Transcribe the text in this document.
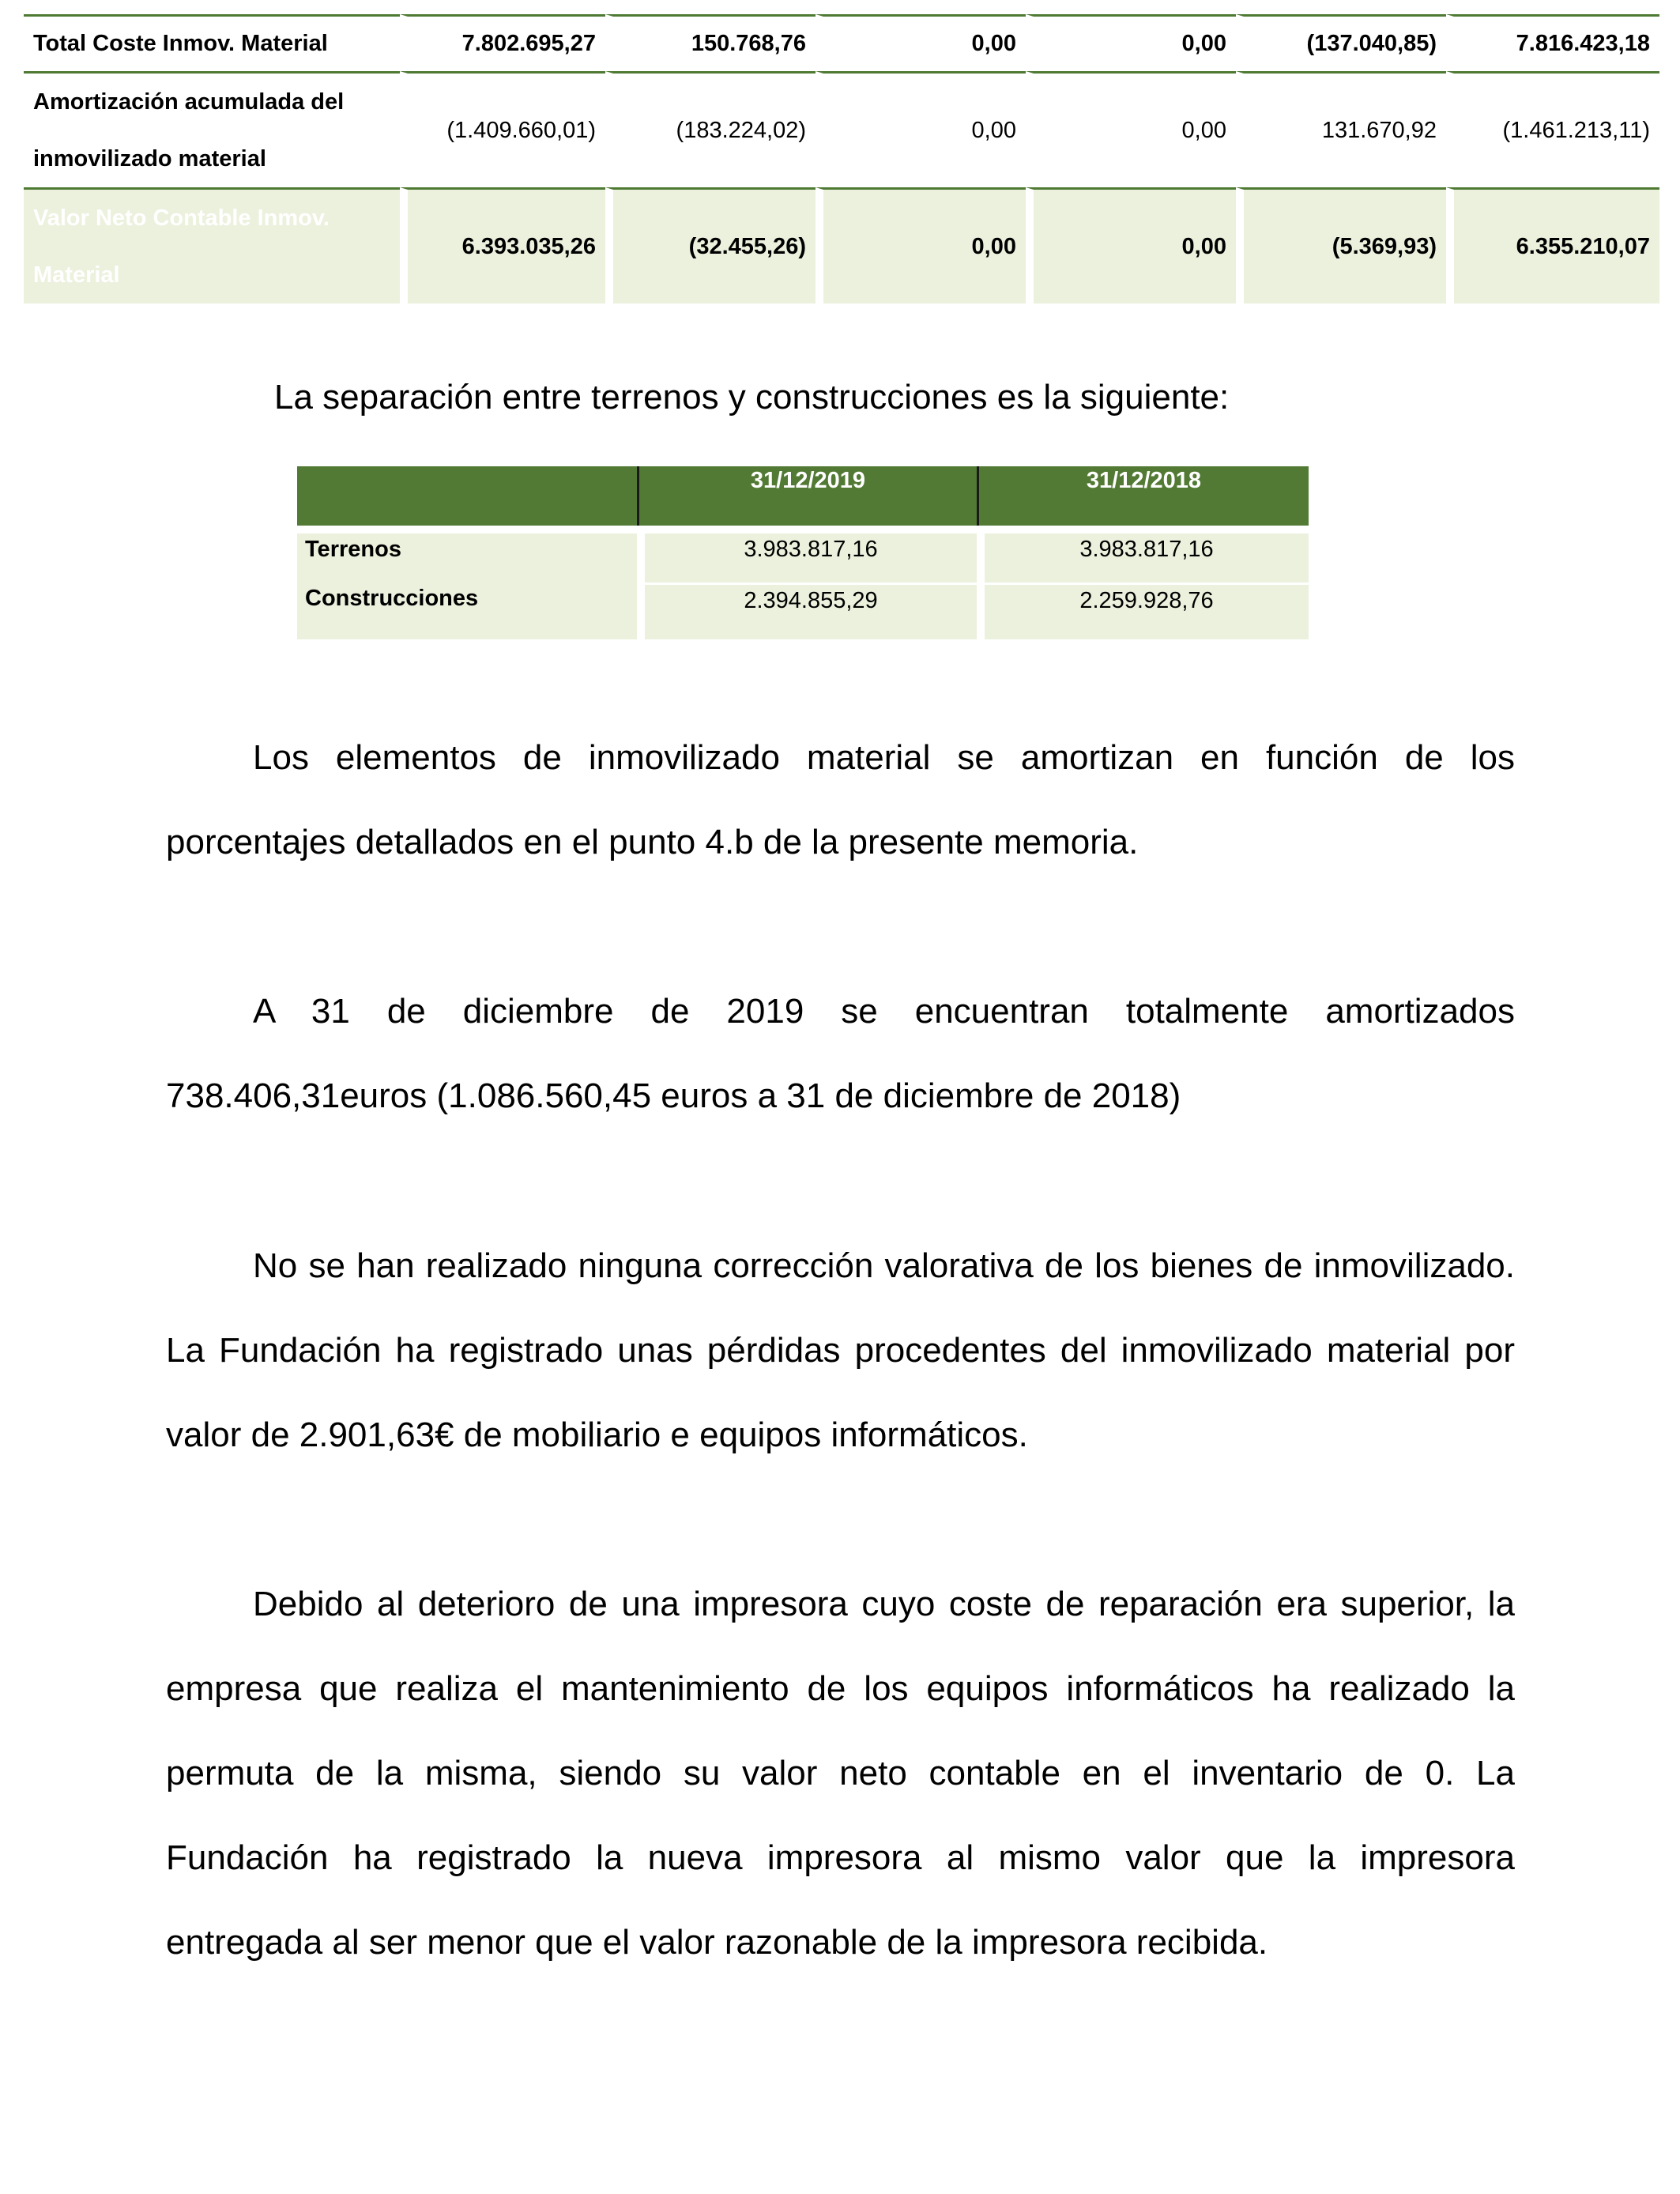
Total Coste Inmov. Material	7.802.695,27	150.768,76	0,00	0,00	(137.040,85)	7.816.423,18
Amortización acumulada del
inmovilizado material	(1.409.660,01)	(183.224,02)	0,00	0,00	131.670,92	(1.461.213,11)
Valor Neto Contable Inmov.
Material	6.393.035,26	(32.455,26)	0,00	0,00	(5.369,93)	6.355.210,07

La separación entre terrenos y construcciones es la siguiente:

	31/12/2019	31/12/2018
Terrenos	3.983.817,16	3.983.817,16
Construcciones	2.394.855,29	2.259.928,76

Los elementos de inmovilizado material se amortizan en función de los porcentajes detallados en el punto 4.b de la presente memoria.

A 31 de diciembre de 2019 se encuentran totalmente amortizados 738.406,31euros (1.086.560,45 euros a 31 de diciembre de 2018)

No se han realizado ninguna corrección valorativa de los bienes de inmovilizado. La Fundación ha registrado unas pérdidas procedentes del inmovilizado material por valor de 2.901,63€ de mobiliario e equipos informáticos.

Debido al deterioro de una impresora cuyo coste de reparación era superior, la empresa que realiza el mantenimiento de los equipos informáticos ha realizado la permuta de la misma, siendo su valor neto contable en el inventario de 0. La Fundación ha registrado la nueva impresora al mismo valor que la impresora entregada al ser menor que el valor razonable de la impresora recibida.
